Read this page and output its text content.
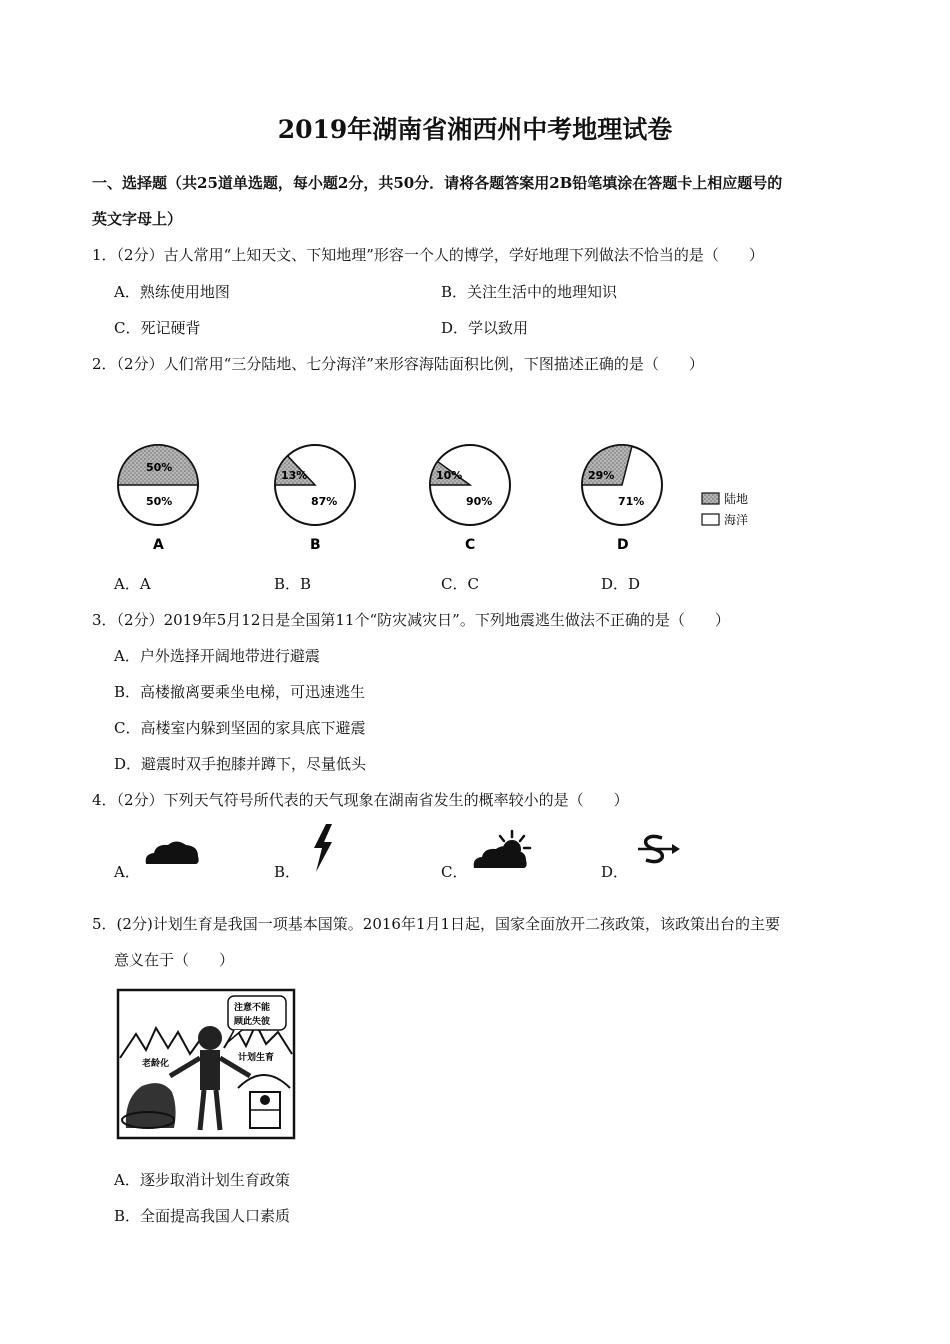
2019年湖南省湘西州中考地理试卷
一、选择题（共25道单选题，每小题2分，共50分．请将各题答案用2B铅笔填涂在答题卡上相应题号的
英文字母上）
1．（2分）古人常用“上知天文、下知地理”形容一个人的博学，学好地理下列做法不恰当的是（　　）
A．熟练使用地图	B．关注生活中的地理知识
C．死记硬背	D．学以致用
2．（2分）人们常用“三分陆地、七分海洋”来形容海陆面积比例，下图描述正确的是（　　）
50%
50%
A
13%
87%
B
10%
90%
C
29%
71%
D
陆地
海洋
A．A	B．B	C．C	D．D
3．（2分）2019年5月12日是全国第11个“防灾减灾日”。下列地震逃生做法不正确的是（　　）
A．户外选择开阔地带进行避震
B．高楼撤离要乘坐电梯，可迅速逃生
C．高楼室内躲到坚固的家具底下避震
D．避震时双手抱膝并蹲下，尽量低头
4．（2分）下列天气符号所代表的天气现象在湖南省发生的概率较小的是（　　）
A．	B．	C．	D．
5．(2分)计划生育是我国一项基本国策。2016年1月1日起，国家全面放开二孩政策，该政策出台的主要
意义在于（　　）
注意不能
顾此失彼
老龄化
计划生育
A．逐步取消计划生育政策
B．全面提高我国人口素质
